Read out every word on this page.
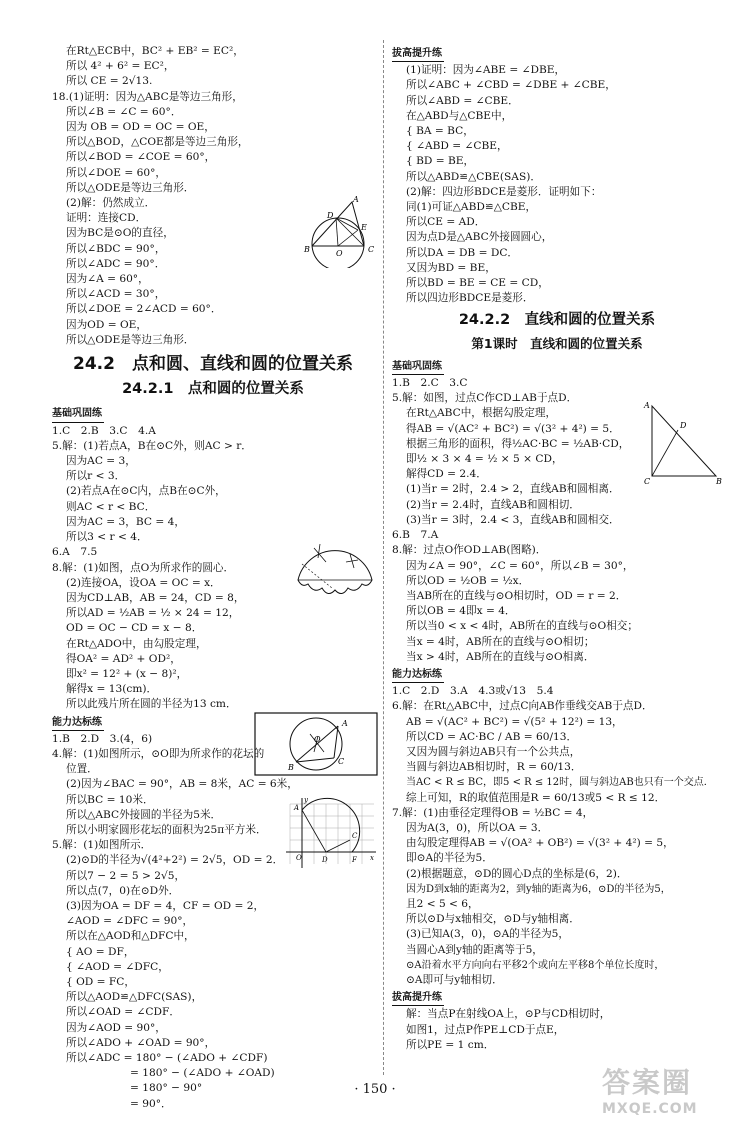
在Rt△ECB中，BC² + EB² = EC²，
所以 4² + 6² = EC²，
所以 CE = 2√13.
18.(1)证明：因为△ABC是等边三角形，
所以∠B = ∠C = 60°．
因为 OB = OD = OC = OE，
所以△BOD，△COE都是等边三角形，
所以∠BOD = ∠COE = 60°，
所以∠DOE = 60°，
所以△ODE是等边三角形．
(2)解：仍然成立．
证明：连接CD．
因为BC是⊙O的直径，
所以∠BDC = 90°，
所以∠ADC = 90°．
因为∠A = 60°，
所以∠ACD = 30°，
所以∠DOE = 2∠ACD = 60°．
因为OD = OE，
所以△ODE是等边三角形．
24.2　点和圆、直线和圆的位置关系
24.2.1　点和圆的位置关系
基础巩固练
1.C　2.B　3.C　4.A
5.解：(1)若点A，B在⊙C外，则AC > r．
因为AC = 3，
所以r < 3．
(2)若点A在⊙C内，点B在⊙C外，
则AC < r < BC．
因为AC = 3，BC = 4，
所以3 < r < 4．
6.A　7.5
8.解：(1)如图，点O为所求作的圆心．
(2)连接OA，设OA = OC = x．
因为CD⊥AB，AB = 24，CD = 8，
所以AD = ½AB = ½ × 24 = 12，
OD = OC − CD = x − 8．
在Rt△ADO中，由勾股定理，
得OA² = AD² + OD²，
即x² = 12² + (x − 8)²，
解得x = 13(cm)．
所以此残片所在圆的半径为13 cm．
能力达标练
1.B　2.D　3.(4，6)
4.解：(1)如图所示，⊙O即为所求作的花坛的
位置．
(2)因为∠BAC = 90°，AB = 8米，AC = 6米，
所以BC = 10米．
所以△ABC外接圆的半径为5米．
所以小明家圆形花坛的面积为25π平方米．
5.解：(1)如图所示．
(2)⊙D的半径为√(4²+2²) = 2√5，OD = 2．
所以7 − 2 = 5 > 2√5，
所以点(7，0)在⊙D外．
(3)因为OA = DF = 4，CF = OD = 2，
∠AOD = ∠DFC = 90°，
所以在△AOD和△DFC中，
{ AO = DF，
{ ∠AOD = ∠DFC，
{ OD = FC，
所以△AOD≌△DFC(SAS)，
所以∠OAD = ∠CDF．
因为∠AOD = 90°，
所以∠ADO + ∠OAD = 90°，
所以∠ADC = 180° − (∠ADO + ∠CDF)
= 180° − (∠ADO + ∠OAD)
= 180° − 90°
= 90°．
拔高提升练
(1)证明：因为∠ABE = ∠DBE，
所以∠ABC + ∠CBD = ∠DBE + ∠CBE，
所以∠ABD = ∠CBE．
在△ABD与△CBE中，
{ BA = BC，
{ ∠ABD = ∠CBE，
{ BD = BE，
所以△ABD≌△CBE(SAS)．
(2)解：四边形BDCE是菱形．证明如下：
同(1)可证△ABD≌△CBE，
所以CE = AD．
因为点D是△ABC外接圆圆心，
所以DA = DB = DC．
又因为BD = BE，
所以BD = BE = CE = CD，
所以四边形BDCE是菱形．
24.2.2　直线和圆的位置关系
第1课时　直线和圆的位置关系
基础巩固练
1.B　2.C　3.C
5.解：如图，过点C作CD⊥AB于点D．
在Rt△ABC中，根据勾股定理，
得AB = √(AC² + BC²) = √(3² + 4²) = 5．
根据三角形的面积，得½AC·BC = ½AB·CD，
即½ × 3 × 4 = ½ × 5 × CD，
解得CD = 2.4．
(1)当r = 2时，2.4 > 2，直线AB和圆相离．
(2)当r = 2.4时，直线AB和圆相切．
(3)当r = 3时，2.4 < 3，直线AB和圆相交．
6.B　7.A
8.解：过点O作OD⊥AB(图略)．
因为∠A = 90°，∠C = 60°，所以∠B = 30°，
所以OD = ½OB = ½x．
当AB所在的直线与⊙O相切时，OD = r = 2．
所以OB = 4即x = 4．
所以当0 < x < 4时，AB所在的直线与⊙O相交；
当x = 4时，AB所在的直线与⊙O相切；
当x > 4时，AB所在的直线与⊙O相离．
能力达标练
1.C　2.D　3.A　4.3或√13　5.4
6.解：在Rt△ABC中，过点C向AB作垂线交AB于点D．
AB = √(AC² + BC²) = √(5² + 12²) = 13，
所以CD = AC·BC / AB = 60/13．
又因为圆与斜边AB只有一个公共点，
当圆与斜边AB相切时，R = 60/13．
当AC < R ≤ BC，即5 < R ≤ 12时，圆与斜边AB也只有一个交点．
综上可知，R的取值范围是R = 60/13或5 < R ≤ 12．
7.解：(1)由垂径定理得OB = ½BC = 4，
因为A(3，0)，所以OA = 3．
由勾股定理得AB = √(OA² + OB²) = √(3² + 4²) = 5，
即⊙A的半径为5．
(2)根据题意，⊙D的圆心D点的坐标是(6，2)．
因为D到x轴的距离为2，到y轴的距离为6，⊙D的半径为5，
且2 < 5 < 6，
所以⊙D与x轴相交，⊙D与y轴相离．
(3)已知A(3，0)，⊙A的半径为5，
当圆心A到y轴的距离等于5，
⊙A沿着水平方向向右平移2个或向左平移8个单位长度时，
⊙A即可与y轴相切．
拔高提升练
解：当点P在射线OA上，⊙P与CD相切时，
如图1，过点P作PE⊥CD于点E，
所以PE = 1 cm．
A
D
E
B	O	C
A
O
C
B
A
D
O	F
C
x
y
A
D
C	B
· 150 ·	答案圈
MXQE.COM
